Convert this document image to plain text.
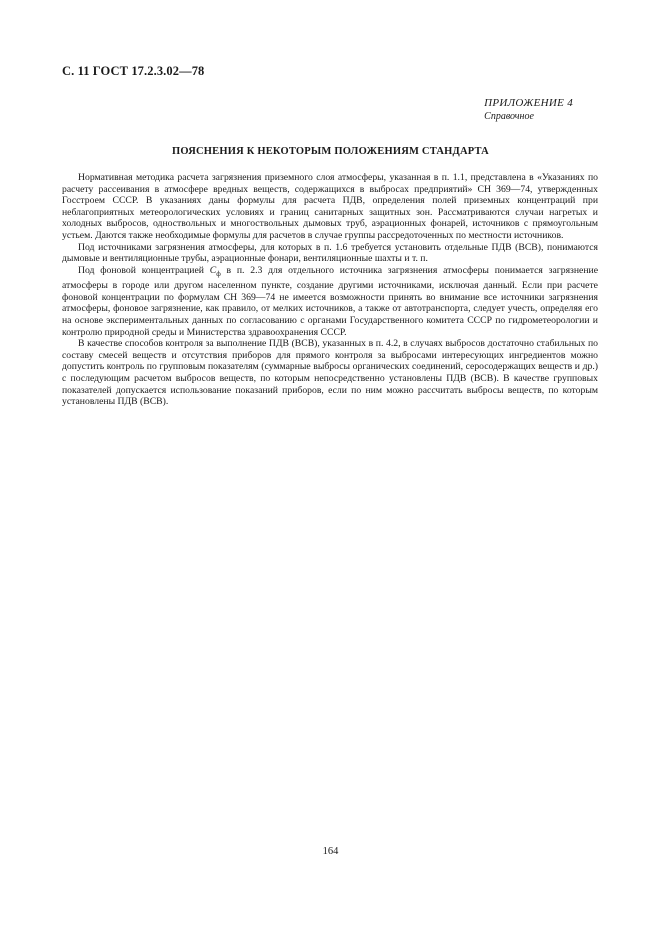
С. 11 ГОСТ 17.2.3.02—78
ПРИЛОЖЕНИЕ 4
Справочное
ПОЯСНЕНИЯ К НЕКОТОРЫМ ПОЛОЖЕНИЯМ СТАНДАРТА

Нормативная методика расчета загрязнения приземного слоя атмосферы, указанная в п. 1.1, представлена в «Указаниях по расчету рассеивания в атмосфере вредных веществ, содержащихся в выбросах предприятий» СН 369—74, утвержденных Госстроем СССР. В указаниях даны формулы для расчета ПДВ, определения полей приземных концентраций при неблагоприятных метеорологических условиях и границ санитарных защитных зон. Рассматриваются случаи нагретых и холодных выбросов, одноствольных и многоствольных дымовых труб, аэрационных фонарей, источников с прямоугольным устьем. Даются также необходимые формулы для расчетов в случае группы рассредоточенных по местности источников.

Под источниками загрязнения атмосферы, для которых в п. 1.6 требуется установить отдельные ПДВ (ВСВ), понимаются дымовые и вентиляционные трубы, аэрационные фонари, вентиляционные шахты и т. п.

Под фоновой концентрацией $C_ф$ в п. 2.3 для отдельного источника загрязнения атмосферы понимается загрязнение атмосферы в городе или другом населенном пункте, создание другими источниками, исключая данный. Если при расчете фоновой концентрации по формулам СН 369—74 не имеется возможности принять во внимание все источники загрязнения атмосферы, фоновое загрязнение, как правило, от мелких источников, а также от автотранспорта, следует учесть, определяя его на основе экспериментальных данных по согласованию с органами Государственного комитета СССР по гидрометеорологии и контролю природной среды и Министерства здравоохранения СССР.

В качестве способов контроля за выполнение ПДВ (ВСВ), указанных в п. 4.2, в случаях выбросов достаточно стабильных по составу смесей веществ и отсутствия приборов для прямого контроля за выбросами интересующих ингредиентов можно допустить контроль по групповым показателям (суммарные выбросы органических соединений, серосодержащих веществ и др.) с последующим расчетом выбросов веществ, по которым непосредственно установлены ПДВ (ВСВ). В качестве групповых показателей допускается использование показаний приборов, если по ним можно рассчитать выбросы веществ, по которым установлены ПДВ (ВСВ).

164
